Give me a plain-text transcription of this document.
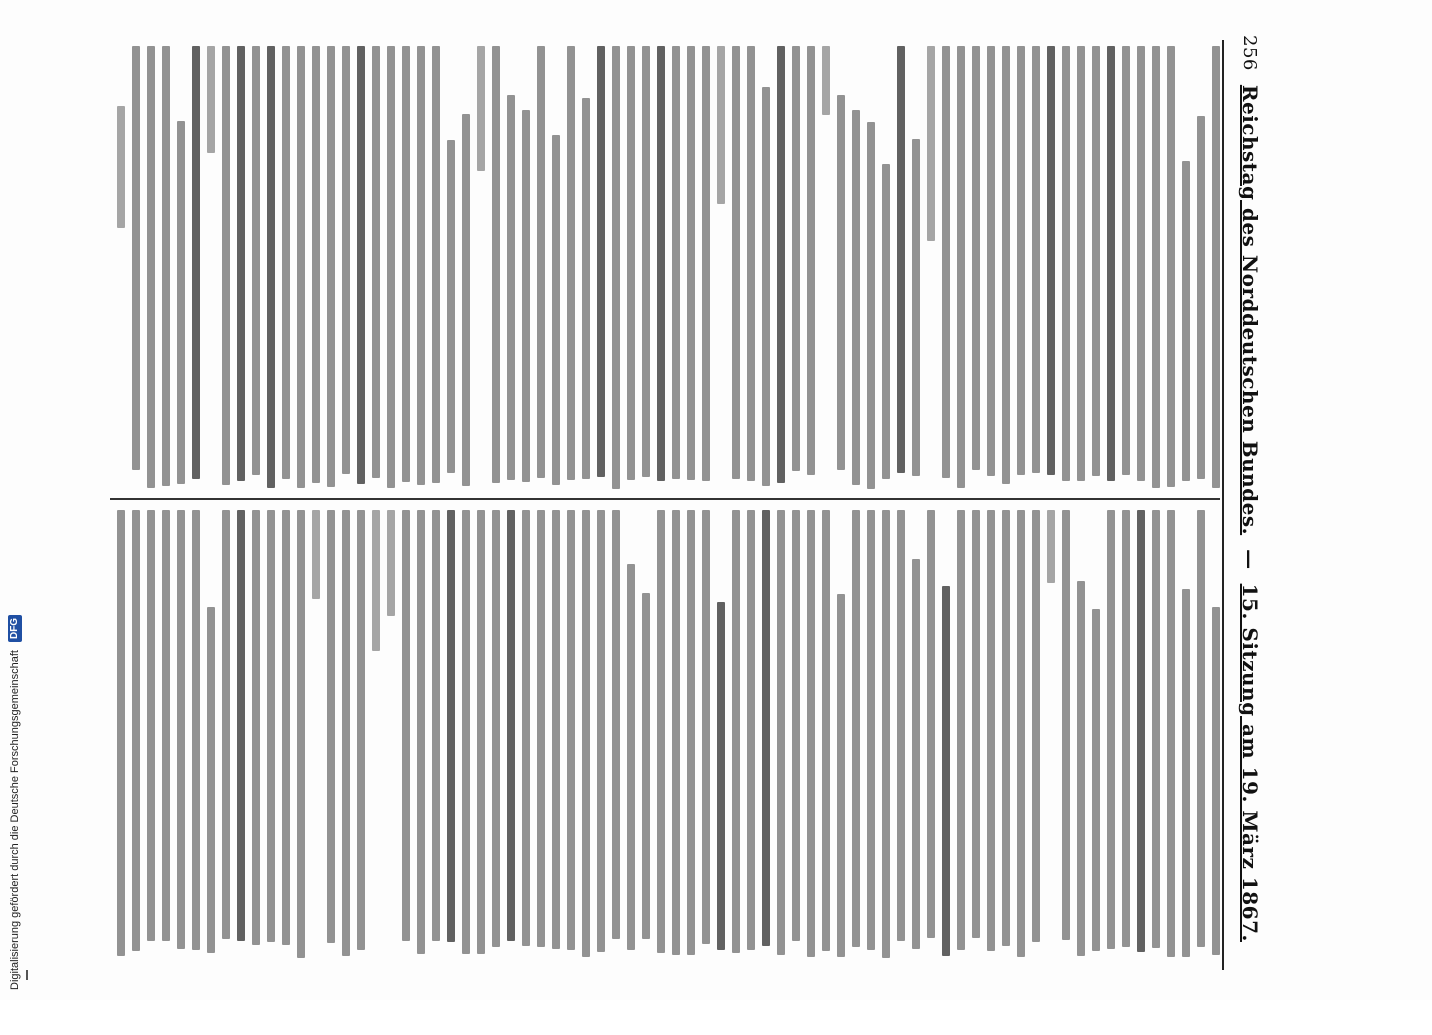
256
Reichstag des Norddeutschen Bundes.
—
15. Sitzung am 19. März 1867.
Digitalisierung gefördert durch die Deutsche Forschungsgemeinschaft
DFG
